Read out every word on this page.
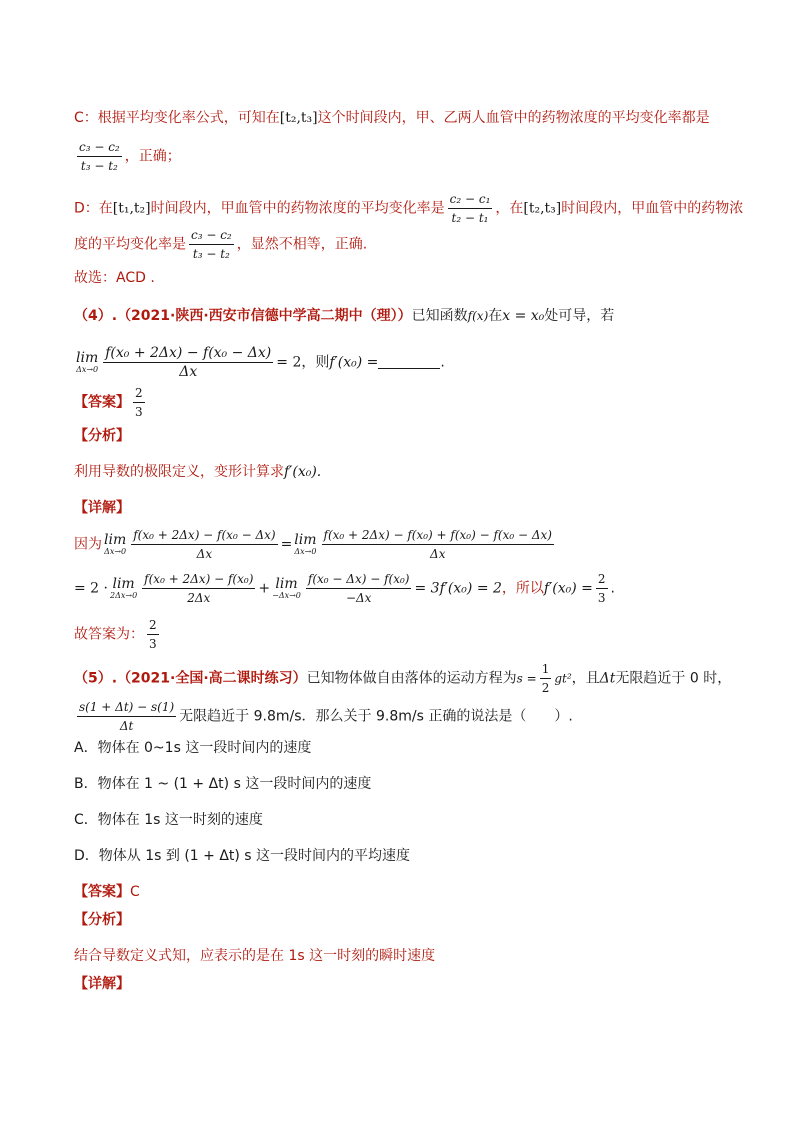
C：根据平均变化率公式，可知在[t₂,t₃]这个时间段内，甲、乙两人血管中的药物浓度的平均变化率都是
$\frac{\text{c₃ − c₂}}{\text{t₃ − t₂}}$ ，正确；
D：在[t₁,t₂]时间段内，甲血管中的药物浓度的平均变化率是 $\frac{\text{c₂ − c₁}}{\text{t₂ − t₁}}$ ，在[t₂,t₃]时间段内，甲血管中的药物浓
度的平均变化率是 $\frac{\text{c₃ − c₂}}{\text{t₃ − t₂}}$ ，显然不相等，正确.
故选：ACD .
（4）.（2021·陕西·西安市信德中学高二期中（理））已知函数f(x)在x = x₀处可导，若
lim
$\Delta x\to 0 \frac{\text{f(x₀ + 2Δx) − f(x₀ − Δx)}}{\Delta x} = 2$，则f′(x₀) =	.
【答案】 $\frac{2}{3}$
【分析】
利用导数的极限定义，变形计算求f′(x₀).
【详解】
因为 lim
$\Delta x\to 0 \frac{\text{f(x₀ + 2Δx) − f(x₀ − Δx)}}{\Delta x} = \lim$
$\Delta x\to 0 \frac{\text{f(x₀ + 2Δx) − f(x₀) + f(x₀) − f(x₀ − Δx)}}{\Delta x}$
= 2 · lim
$2\Delta x\to 0 \frac{\text{f(x₀ + 2Δx) − f(x₀)}}{2\Delta x} + \lim$
$-\Delta x\to 0 \frac{\text{f(x₀ − Δx) − f(x₀)}}{-\Delta x} = 3f'(x_0) = 2$，所以$f'(x_0) = \frac{2}{3}$ .
故答案为： $\frac{2}{3}$
（5）.（2021·全国·高二课时练习）已知物体做自由落体的运动方程为$s = \frac{1}{2} gt^2$，且Δt无限趋近于 0 时，
$\frac{s(1 + \Delta t) - s(1)}{\Delta t}$ 无限趋近于 9.8m/s．那么关于 9.8m/s 正确的说法是（　　）.
A．物体在 0~1s 这一段时间内的速度
B．物体在 1 ~ (1 + Δt) s 这一段时间内的速度
C．物体在 1s 这一时刻的速度
D．物体从 1s 到 (1 + Δt) s 这一段时间内的平均速度
【答案】C
【分析】
结合导数定义式知，应表示的是在 1s 这一时刻的瞬时速度
【详解】
